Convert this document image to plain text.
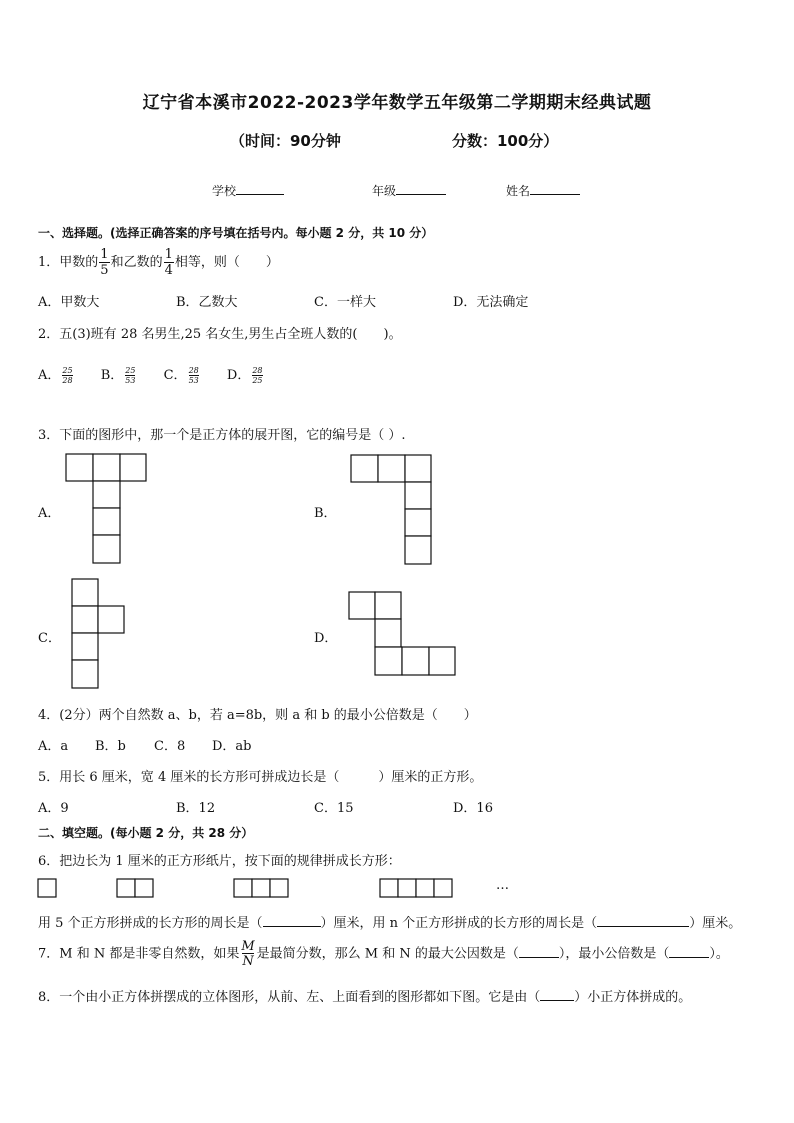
辽宁省本溪市2022-2023学年数学五年级第二学期期末经典试题
（时间：90分钟	分数：100分）
学校	年级	姓名
一、选择题。(选择正确答案的序号填在括号内。每小题 2 分，共 10 分）
1．甲数的 $\frac{1}{5}$ 和乙数的 $\frac{1}{4}$ 相等，则（　　）
A．甲数大	B．乙数大	C．一样大	D．无法确定
2．五(3)班有 28 名男生,25 名女生,男生占全班人数的(　　)。
A． $\frac{25}{28}$ B． $\frac{25}{53}$ C． $\frac{28}{53}$ D． $\frac{28}{25}$
3．下面的图形中，那一个是正方体的展开图，它的编号是（ ）.
A．	B．
C．	D．
4．(2分）两个自然数 a、b，若 a=8b，则 a 和 b 的最小公倍数是（　　）
A．a B．b C．8 D．ab
5．用长 6 厘米，宽 4 厘米的长方形可拼成边长是（　　　）厘米的正方形。
A．9	B．12	C．15	D．16
二、填空题。(每小题 2 分，共 28 分）
6．把边长为 1 厘米的正方形纸片，按下面的规律拼成长方形：
…
用 5 个正方形拼成的长方形的周长是（	）厘米，用 n 个正方形拼成的长方形的周长是（	）厘米。
7．M 和 N 都是非零自然数，如果 $\frac{M}{N}$ 是最简分数，那么 M 和 N 的最大公因数是（	），最小公倍数是（	）。
8．一个由小正方体拼摆成的立体图形，从前、左、上面看到的图形都如下图。它是由（	）小正方体拼成的。
